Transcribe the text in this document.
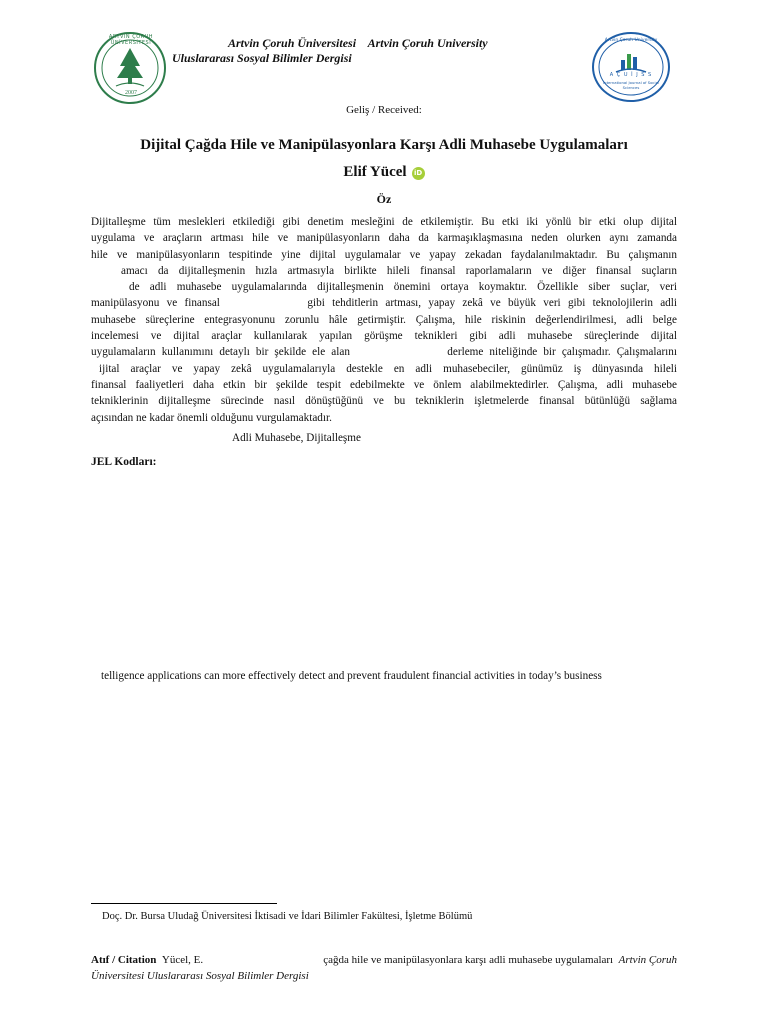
ARTVİN ÇORUH ÜNİVERSİTESİ
2007
Artvin Çoruh University
A Ç U İ J S S
International Journal of Social Sciences
Artvin Çoruh Üniversitesi    Artvin Çoruh University
Uluslararası Sosyal Bilimler Dergisi
Geliş / Received:
Dijital Çağda Hile ve Manipülasyonlara Karşı Adli Muhasebe Uygulamaları
Elif Yücel iD
Öz
Dijitalleşme tüm meslekleri etkilediği gibi denetim mesleğini de etkilemiştir. Bu etki iki yönlü bir etki olup dijital
uygulama ve araçların artması hile ve manipülasyonların daha da karmaşıklaşmasına neden olurken aynı zamanda
hile ve manipülasyonların tespitinde yine dijital uygulamalar ve yapay zekadan faydalanılmaktadır. Bu çalışmanın
amacı da dijitalleşmenin hızla artmasıyla birlikte hileli finansal raporlamaların ve diğer finansal suçların
de adli muhasebe uygulamalarında dijitalleşmenin önemini ortaya koymaktır. Özellikle siber suçlar, veri
manipülasyonu ve finansal            gibi tehditlerin artması, yapay zekâ ve büyük veri gibi teknolojilerin adli
muhasebe süreçlerine entegrasyonunu zorunlu hâle getirmiştir. Çalışma, hile riskinin değerlendirilmesi, adli belge
incelemesi ve dijital araçlar kullanılarak yapılan görüşme teknikleri gibi adli muhasebe süreçlerinde dijital
uygulamaların kullanımını detaylı bir şekilde ele alan                derleme niteliğinde bir çalışmadır. Çalışmalarını
ijital araçlar ve yapay zekâ uygulamalarıyla destekle en adli muhasebeciler, günümüz iş dünyasında hileli
finansal faaliyetleri daha etkin bir şekilde tespit edebilmekte ve önlem alabilmektedirler. Çalışma, adli muhasebe
tekniklerinin dijitalleşme sürecinde nasıl dönüştüğünü ve bu tekniklerin işletmelerde finansal bütünlüğü sağlama
açısından ne kadar önemli olduğunu vurgulamaktadır.
Adli Muhasebe, Dijitalleşme
JEL Kodları:
telligence applications can more effectively detect and prevent fraudulent financial activities in today’s business
Doç. Dr. Bursa Uludağ Üniversitesi İktisadi ve İdari Bilimler Fakültesi, İşletme Bölümü
Atıf / Citation Yücel, E.	çağda hile ve manipülasyonlara karşı adli muhasebe uygulamaları Artvin Çoruh
Üniversitesi Uluslararası Sosyal Bilimler Dergisi
